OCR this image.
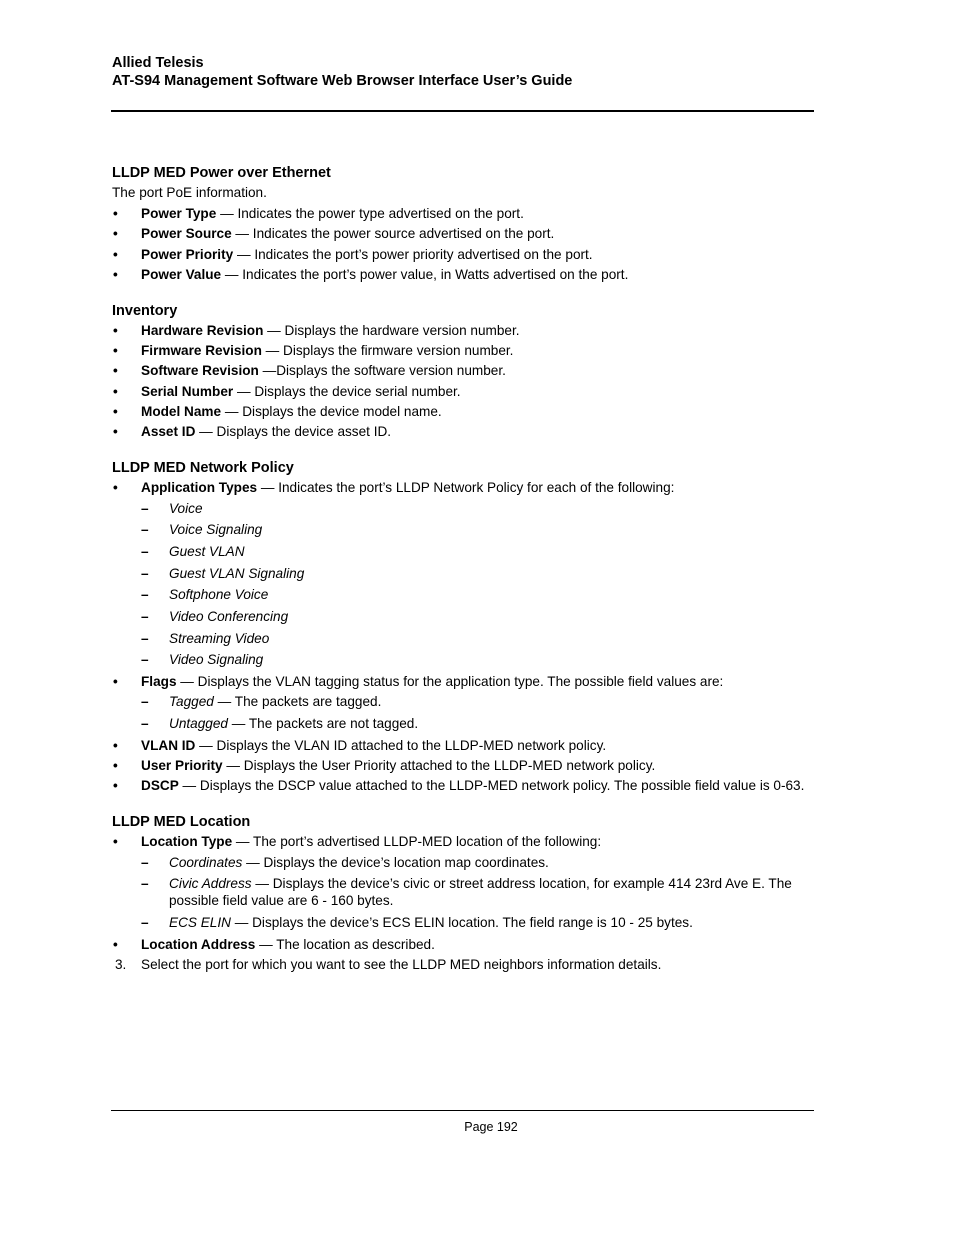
Allied Telesis
AT-S94 Management Software Web Browser Interface User’s Guide
LLDP MED Power over Ethernet
The port PoE information.
• Power Type — Indicates the power type advertised on the port.
• Power Source — Indicates the power source advertised on the port.
• Power Priority — Indicates the port’s power priority advertised on the port.
• Power Value — Indicates the port’s power value, in Watts advertised on the port.
Inventory
• Hardware Revision — Displays the hardware version number.
• Firmware Revision — Displays the firmware version number.
• Software Revision —Displays the software version number.
• Serial Number — Displays the device serial number.
• Model Name — Displays the device model name.
• Asset ID — Displays the device asset ID.
LLDP MED Network Policy
• Application Types — Indicates the port’s LLDP Network Policy for each of the following:
– Voice
– Voice Signaling
– Guest VLAN
– Guest VLAN Signaling
– Softphone Voice
– Video Conferencing
– Streaming Video
– Video Signaling
• Flags — Displays the VLAN tagging status for the application type. The possible field values are:
– Tagged — The packets are tagged.
– Untagged — The packets are not tagged.
• VLAN ID — Displays the VLAN ID attached to the LLDP-MED network policy.
• User Priority — Displays the User Priority attached to the LLDP-MED network policy.
• DSCP — Displays the DSCP value attached to the LLDP-MED network policy. The possible field value is 0-63.
LLDP MED Location
• Location Type — The port’s advertised LLDP-MED location of the following:
– Coordinates — Displays the device’s location map coordinates.
– Civic Address — Displays the device’s civic or street address location, for example 414 23rd Ave E. The possible field value are 6 - 160 bytes.
– ECS ELIN — Displays the device’s ECS ELIN location. The field range is 10 - 25 bytes.
• Location Address — The location as described.
3. Select the port for which you want to see the LLDP MED neighbors information details.
Page 192
